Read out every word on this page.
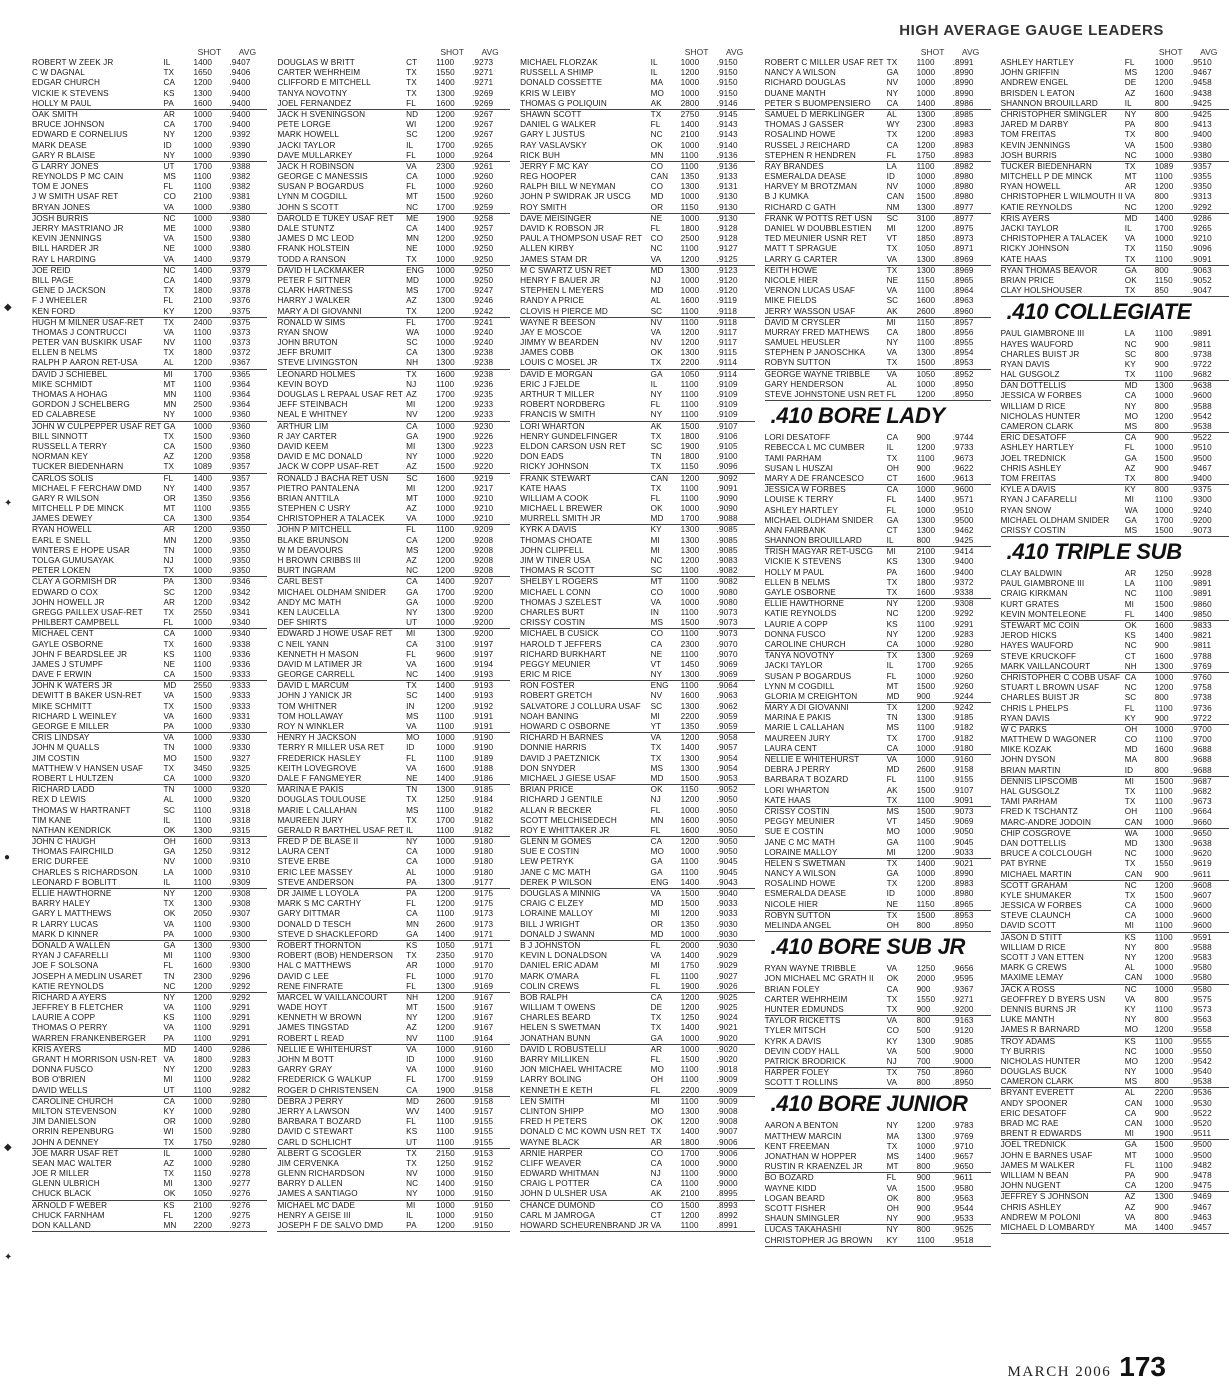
HIGH AVERAGE GAUGE LEADERS
SHOT	AVG
ROBERT W ZEEK JR	IL	1400	.9407
C W DAGNAL	TX	1650	.9406
EDGAR CHURCH	CA	1200	.9400
VICKIE K STEVENS	KS	1300	.9400
HOLLY M PAUL	PA	1600	.9400
OAK SMITH	AR	1000	.9400
BRUCE JOHNSON	CA	1700	.9400
EDWARD E CORNELIUS	NY	1200	.9392
MARK DEASE	ID	1000	.9390
GARY R BLAISE	NY	1000	.9390
G LARRY JONES	UT	1700	.9388
REYNOLDS P MC CAIN	MS	1100	.9382
TOM E JONES	FL	1100	.9382
J W SMITH USAF RET	CO	2100	.9381
BRYAN JONES	VA	1000	.9380
JOSH BURRIS	NC	1000	.9380
JERRY MASTRIANO JR	ME	1000	.9380
KEVIN JENNINGS	VA	1500	.9380
BILL HARDER JR	NE	1000	.9380
RAY L HARDING	VA	1400	.9379
JOE REID	NC	1400	.9379
BILL PAGE	CA	1400	.9379
GENE D JACKSON	TX	1800	.9378
F J WHEELER	FL	2100	.9376
KEN FORD	KY	1200	.9375
HUGH M MILNER USAF-RET	TX	2400	.9375
THOMAS J CONTRUCCI	VA	1100	.9373
PETER VAN BUSKIRK USAF	NV	1100	.9373
ELLEN B NELMS	TX	1800	.9372
RALPH P AARON RET-USA	AL	1200	.9367
DAVID J SCHIEBEL	MI	1700	.9365
MIKE SCHMIDT	MT	1100	.9364
THOMAS A HOHAG	MN	1100	.9364
GORDON J SCHELBERG	MN	2500	.9364
ED CALABRESE	NY	1000	.9360
JOHN W CULPEPPER USAF RET GA	1000	.9360
BILL SINNOTT	TX	1500	.9360
RUSSELL A TERRY	CA	1500	.9360
NORMAN KEY	AZ	1200	.9358
TUCKER BIEDENHARN	TX	1089	.9357
CARLOS SOLIS	FL	1400	.9357
MICHAEL F FERCHAW DMD	NY	1400	.9357
GARY R WILSON	OR	1350	.9356
MITCHELL P DE MINCK	MT	1100	.9355
JAMES DEWEY	CA	1300	.9354
RYAN HOWELL	AR	1200	.9350
EARL E SNELL	MN	1200	.9350
WINTERS E HOPE USAR	TN	1000	.9350
TOLGA GUMUSAYAK	NJ	1000	.9350
PETER LOKEN	TX	1000	.9350
CLAY A GORMISH DR	PA	1300	.9346
EDWARD O COX	SC	1200	.9342
JOHN HOWELL JR	AR	1200	.9342
GREGG PAILLEX USAF-RET	TX	2550	.9341
PHILBERT CAMPBELL	FL	1000	.9340
MICHAEL CENT	CA	1000	.9340
GAYLE OSBORNE	TX	1600	.9338
JOHN F BEARDSLEE JR	KS	1100	.9336
JAMES J STUMPF	NE	1100	.9336
DAVE F ERWIN	CA	1500	.9333
JOHN K WATERS JR	MD	2550	.9333
DEWITT B BAKER USN-RET	VA	1500	.9333
MIKE SCHMITT	TX	1500	.9333
RICHARD L WEINLEY	VA	1600	.9331
GEORGE E MILLER	PA	1000	.9330
CRIS LINDSAY	VA	1000	.9330
JOHN M QUALLS	TN	1000	.9330
JIM COSTIN	MO	1500	.9327
MATTHEW V HANSEN USAF	TX	3450	.9325
ROBERT L HULTZEN	CA	1000	.9320
RICHARD LADD	TN	1000	.9320
REX D LEWIS	AL	1000	.9320
THOMAS W HARTRANFT	SC	1100	.9318
TIM KANE	IL	1100	.9318
NATHAN KENDRICK	OK	1300	.9315
JOHN C HAUGH	OH	1600	.9313
THOMAS FAIRCHILD	GA	1250	.9312
ERIC DURFEE	NV	1000	.9310
CHARLES S RICHARDSON	LA	1000	.9310
LEONARD F BOBLITT	IL	1100	.9309
ELLIE HAWTHORNE	NY	1200	.9308
BARRY HALEY	TX	1300	.9308
GARY L MATTHEWS	OK	2050	.9307
R LARRY LUCAS	VA	1100	.9300
MARK D KINNER	PA	1000	.9300
DONALD A WALLEN	GA	1300	.9300
RYAN J CAFARELLI	MI	1100	.9300
JOE F SOLSONA	FL	1600	.9300
JOSEPH A MEDLIN USARET	TN	2300	.9296
KATIE REYNOLDS	NC	1200	.9292
RICHARD A AYERS	NY	1200	.9292
JEFFREY B FLETCHER	VA	1100	.9291
LAURIE A COPP	KS	1100	.9291
THOMAS O PERRY	VA	1100	.9291
WARREN FRANKENBERGER	PA	1100	.9291
KRIS AYERS	MD	1400	.9286
GRANT H MORRISON USN-RET VA	1800	.9283
DONNA FUSCO	NY	1200	.9283
BOB O'BRIEN	MI	1100	.9282
DAVID WELLS	UT	1100	.9282
CAROLINE CHURCH	CA	1000	.9280
MILTON STEVENSON	KY	1000	.9280
JIM DANIELSON	OR	1000	.9280
ORRIN REPENBURG	WI	1500	.9280
JOHN A DENNEY	TX	1750	.9280
JOE MARR USAF RET	IL	1000	.9280
SEAN MAC WALTER	AZ	1000	.9280
JOE R MILLER	TX	1150	.9278
GLENN ULBRICH	MI	1300	.9277
CHUCK BLACK	OK	1050	.9276
ARNOLD F WEBER	KS	2100	.9276
CHUCK FARNHAM	FL	1200	.9275
DON KALLAND	MN	2200	.9273
SHOT	AVG
DOUGLAS W BRITT	CT	1100	.9273
CARTER WEHRHEIM	TX	1550	.9271
CLIFFORD E MITCHELL	TX	1400	.9271
TANYA NOVOTNY	TX	1300	.9269
JOEL FERNANDEZ	FL	1600	.9269
JACK H SVENINGSON	ND	1200	.9267
PETE LORGE	WI	1200	.9267
MARK HOWELL	SC	1200	.9267
JACKI TAYLOR	IL	1700	.9265
DAVE MULLARKEY	FL	1000	.9264
JACK H ROBINSON	VA	2300	.9261
GEORGE C MANESSIS	CA	1000	.9260
SUSAN P BOGARDUS	FL	1000	.9260
LYNN M COGDILL	MT	1500	.9260
JOHN S SCOTT	NC	1700	.9259
DAROLD E TUKEY USAF RET	ME	1900	.9258
DALE STUNTZ	CA	1400	.9257
JAMES D MC LEOD	MN	1200	.9250
FRANK HOLSTEIN	NE	1000	.9250
TODD A RANSON	TX	1000	.9250
DAVID H LACKMAKER	ENG	1000	.9250
PETER F SITTNER	MD	1000	.9250
CLARK HARTNESS	MS	1700	.9247
HARRY J WALKER	AZ	1300	.9246
MARY A DI GIOVANNI	TX	1200	.9242
RONALD W SIMS	FL	1700	.9241
RYAN SNOW	WA	1000	.9240
JOHN BRUTON	SC	1000	.9240
JEFF BRUMIT	CA	1300	.9238
STEVE LIVINGSTON	NH	1300	.9238
LEONARD HOLMES	TX	1600	.9238
KEVIN BOYD	NJ	1100	.9236
DOUGLAS L REPAAL USAF RET AZ	1700	.9235
JEFF STEINBACH	MI	1200	.9233
NEAL E WHITNEY	NV	1200	.9233
ARTHUR LIM	CA	1000	.9230
R JAY CARTER	GA	1900	.9226
DAVID KEEM	MI	1300	.9223
DAVID E MC DONALD	NY	1000	.9220
JACK W COPP USAF-RET	AZ	1500	.9220
RONALD J BACHA RET USN	SC	1600	.9219
PIETRO PANTALENA	MI	1200	.9217
BRIAN ANTTILA	MT	1000	.9210
STEPHEN C USRY	AZ	1000	.9210
CHRISTOPHER A TALACEK	VA	1000	.9210
JOHN P MITCHELL	FL	1100	.9209
BLAKE BRUNSON	CA	1200	.9208
W M DEAVOURS	MS	1200	.9208
H BROWN CRIBBS III	AZ	1200	.9208
BURT INGRAM	NC	1200	.9208
CARL BEST	CA	1400	.9207
MICHAEL OLDHAM SNIDER	GA	1700	.9200
ANDY MC MATH	GA	1000	.9200
KEN LAUCELLA	NY	1300	.9200
DEF SHIRTS	UT	1000	.9200
EDWARD J HOWE USAF RET	MI	1300	.9200
C NEIL YANN	CA	3100	.9197
KENNETH H MASON	FL	9600	.9197
DAVID M LATIMER JR	VA	1600	.9194
GEORGE CARRELL	NC	1400	.9193
DAVID L MARCUM	TX	1400	.9193
JOHN J YANICK JR	SC	1400	.9193
TOM WHITNER	IN	1200	.9192
TOM HOLLAWAY	MS	1100	.9191
ROY N WINKLER	VA	1100	.9191
HENRY H JACKSON	MO	1000	.9190
TERRY R MILLER USA RET	ID	1000	.9190
FREDERICK HASLEY	FL	1100	.9189
KEITH LOVEGROVE	VA	1600	.9188
DALE F FANGMEYER	NE	1400	.9186
MARINA E PAKIS	TN	1300	.9185
DOUGLAS TOULOUSE	TX	1250	.9184
MARIE L CALLAHAN	MS	1100	.9182
MAUREEN JURY	TX	1700	.9182
GERALD R BARTHEL USAF RET IL	1100	.9182
FRED P DE BLASE II	NY	1000	.9180
LAURA CENT	CA	1000	.9180
STEVE ERBE	CA	1000	.9180
ERIC LEE MASSEY	AL	1000	.9180
STEVE ANDERSON	PA	1300	.9177
DR JAIME L LOYOLA	PA	1200	.9175
MARK S MC CARTHY	FL	1200	.9175
GARY DITTMAR	CA	1100	.9173
DONALD D TESCH	MN	2600	.9173
STEVE D SHACKLEFORD	GA	1400	.9171
ROBERT THORNTON	KS	1050	.9171
ROBERT (BOB) HENDERSON	TX	2350	.9170
HAL C MATTHEWS	AR	1000	.9170
DAVID C LEE	FL	1000	.9170
RENE FINFRATE	FL	1300	.9169
MARCEL W VAILLANCOURT	NH	1200	.9167
WADE HOYT	MT	1500	.9167
KENNETH W BROWN	NY	1200	.9167
JAMES TINGSTAD	AZ	1200	.9167
ROBERT L READ	NV	1100	.9164
NELLIE E WHITEHURST	VA	1000	.9160
JOHN M BOTT	ID	1000	.9160
GARRY GRAY	VA	1000	.9160
FREDERICK G WALKUP	FL	1700	.9159
ROGER D CHRISTENSEN	CA	1900	.9158
DEBRA J PERRY	MD	2600	.9158
JERRY A LAWSON	WV	1400	.9157
BARBARA T BOZARD	FL	1100	.9155
DAVID C STEWART	KS	1100	.9155
CARL D SCHLICHT	UT	1100	.9155
ALBERT G SCOGLER	TX	2150	.9153
JIM CERVENKA	TX	1250	.9152
GLENN RICHARDSON	NV	1000	.9150
BARRY D ALLEN	NC	1400	.9150
JAMES A SANTIAGO	NY	1000	.9150
MICHAEL MC DADE	MI	1000	.9150
HENRY A GEISE III	IL	1000	.9150
JOSEPH F DE SALVO DMD	PA	1200	.9150
SHOT	AVG
MICHAEL FLORZAK	IL	1000	.9150
RUSSELL A SHIMP	IL	1200	.9150
DONALD COSSETTE	MA	1000	.9150
KRIS W LEIBY	MO	1000	.9150
THOMAS G POLIQUIN	AK	2800	.9146
SHAWN SCOTT	TX	2750	.9145
DANIEL G WALKER	FL	1400	.9143
GARY L JUSTUS	NC	2100	.9143
RAY VASLAVSKY	OK	1000	.9140
RICK BUH	MN	1100	.9136
JERRY F MC KAY	CO	1100	.9136
REG HOOPER	CAN	1350	.9133
RALPH BILL W NEYMAN	CO	1300	.9131
JOHN P SWIDRAK JR USCG	MD	1000	.9130
ROY SMITH	OR	1150	.9130
DAVE MEISINGER	NE	1000	.9130
DAVID K ROBSON JR	FL	1800	.9128
PAUL A THOMPSON USAF RET	CO	2500	.9128
ALLEN KIRBY	NC	1100	.9127
JAMES STAM DR	VA	1200	.9125
M C SWARTZ USN RET	MD	1300	.9123
HENRY F BAUER JR	NJ	1000	.9120
STEPHEN L MEYERS	MD	1000	.9120
RANDY A PRICE	AL	1600	.9119
CLOVIS H PIERCE MD	SC	1100	.9118
WAYNE R BEESON	NV	1100	.9118
JAY E MOSCOE	VA	1200	.9117
JIMMY W BEARDEN	NV	1200	.9117
JAMES COBB	OK	1300	.9115
LOUIS C MOSEL JR	TX	2200	.9114
DAVID E MORGAN	GA	1050	.9114
ERIC J FJELDE	IL	1100	.9109
ARTHUR T MILLER	NY	1100	.9109
ROBERT NORDBERG	FL	1100	.9109
FRANCIS W SMITH	NY	1100	.9109
LORI WHARTON	AK	1500	.9107
HENRY GUNDELFINGER	TX	1800	.9106
ELDON CARSON USN RET	SC	1900	.9105
DON EADS	TN	1800	.9100
RICKY JOHNSON	TX	1150	.9096
FRANK STEWART	CAN	1200	.9092
KATE HAAS	TX	1100	.9091
WILLIAM A COOK	FL	1100	.9090
MICHAEL L BREWER	OK	1000	.9090
MURRELL SMITH JR	MD	1700	.9088
KYRK A DAVIS	KY	1300	.9085
THOMAS CHOATE	MI	1300	.9085
JOHN CLIPFELL	MI	1300	.9085
JIM W TINER USA	NC	1200	.9083
THOMAS R SCOTT	SC	1100	.9082
SHELBY L ROGERS	MT	1100	.9082
MICHAEL L CONN	CO	1000	.9080
THOMAS J SZELEST	VA	1000	.9080
CHARLES BURT	IN	1100	.9073
CRISSY COSTIN	MS	1500	.9073
MICHAEL B CUSICK	CO	1100	.9073
HAROLD T JEFFERS	CA	2300	.9070
RICHARD BURKHART	NE	1100	.9070
PEGGY MEUNIER	VT	1450	.9069
ERIC M RICE	NY	1300	.9069
RON FOSTER	ENG	1100	.9064
ROBERT GRETCH	NV	1600	.9063
SALVATORE J COLLURA USAF	SC	1300	.9062
NOAH BANING	MI	2200	.9059
HOWARD C OSBORNE	YT	1350	.9059
RICHARD H BARNES	VA	1200	.9058
DONNIE HARRIS	TX	1400	.9057
DAVID J PAETZNICK	TX	1300	.9054
DON SNYDER	MS	1300	.9054
MICHAEL J GIESE USAF	MD	1500	.9053
BRIAN PRICE	OK	1150	.9052
RICHARD J GENTILE	NJ	1200	.9050
ALLAN R BECKER	FL	1000	.9050
SCOTT MELCHISEDECH	MN	1600	.9050
ROY E WHITTAKER JR	FL	1600	.9050
GLENN M GOMES	CA	1200	.9050
SUE E COSTIN	MO	1000	.9050
LEW PETRYK	GA	1100	.9045
JANE C MC MATH	GA	1100	.9045
DEREK P WILSON	ENG	1400	.9043
DOUGLAS A MINNIG	VA	1500	.9040
CRAIG C ELZEY	MD	1500	.9033
LORAINE MALLOY	MI	1200	.9033
BILL J WRIGHT	OR	1350	.9030
DONALD J SWANN	MD	1000	.9030
B J JOHNSTON	FL	2000	.9030
KEVIN L DONALDSON	VA	1400	.9029
DANIEL ERIC ADAM	MI	1750	.9029
MARK O'MARA	FL	1100	.9027
COLIN CREWS	FL	1900	.9026
BOB RALPH	CA	1200	.9025
WILLIAM T OWENS	DE	1200	.9025
CHARLES BEARD	TX	1250	.9024
HELEN S SWETMAN	TX	1400	.9021
JONATHAN BUNN	GA	1000	.9020
DAVID L ROBUSTELLI	AR	1000	.9020
BARRY MILLIKEN	FL	1500	.9020
JON MICHAEL WHITACRE	MO	1100	.9018
LARRY BOLING	OH	1100	.9009
KENNETH E KETH	FL	2200	.9009
LEN SMITH	MI	1100	.9009
CLINTON SHIPP	MO	1300	.9008
FRED H PETERS	OK	1200	.9008
DONALD C MC KOWN USN RET TX	1400	.9007
WAYNE BLACK	AR	1800	.9006
ARNIE HARPER	CO	1700	.9006
CLIFF WEAVER	CA	1000	.9000
EDWARD WHITMAN	NJ	1100	.9000
CRAIG L POTTER	CA	1100	.9000
JOHN D ULSHER USA	AK	2100	.8995
CHANCE DUMOND	CO	1500	.8993
CARL M JAMROGA	CT	1200	.8992
HOWARD SCHEURENBRAND JR VA	1100	.8991
SHOT	AVG
ROBERT C MILLER USAF RET TX	1100	.8991
NANCY A WILSON	GA	1000	.8990
RICHARD DOUGLAS	NV	1000	.8990
DUANE MANTH	NY	1000	.8990
PETER S BUOMPENSIERO	CA	1400	.8986
SAMUEL D MERKLINGER	AL	1300	.8985
THOMAS J GASSER	WY	2300	.8983
ROSALIND HOWE	TX	1200	.8983
RUSSEL J REICHARD	CA	1200	.8983
STEPHEN R HENDREN	FL	1750	.8983
RAY BRANDES	LA	1100	.8982
ESMERALDA DEASE	ID	1000	.8980
HARVEY M BROTZMAN	NV	1000	.8980
B J KUMKA	CAN	1500	.8980
RICHARD C GATH	NM	1300	.8977
FRANK W POTTS RET USN	SC	3100	.8977
DANIEL W DOUBBLESTIEN	MI	1200	.8975
TED MEUNIER USNR RET	VT	1850	.8973
MATT T SPRAGUE	TX	1050	.8971
LARRY G CARTER	VA	1300	.8969
KEITH HOWE	TX	1300	.8969
NICOLE HIER	NE	1150	.8965
VERNON LUCAS USAF	VA	1100	.8964
MIKE FIELDS	SC	1600	.8963
JERRY WASSON USAF	AK	2600	.8960
DAVID M CRYSLER	MI	1150	.8957
MURRAY FRED MATHEWS	CA	1800	.8956
SAMUEL HEUSLER	NY	1100	.8955
STEPHEN P JANOSCHKA	VA	1300	.8954
ROBYN SUTTON	TX	1500	.8953
GEORGE WAYNE TRIBBLE	VA	1050	.8952
GARY HENDERSON	AL	1000	.8950
STEVE JOHNSTONE USN RET FL	1200	.8950
.410 BORE LADY
LORI DESATOFF	CA	900	.9744
REBECCA L MC CUMBER	IL	1200	.9733
TAMI PARHAM	TX	1100	.9673
SUSAN L HUSZAI	OH	900	.9622
MARY A DE FRANCESCO	CT	1600	.9613
JESSICA W FORBES	CA	1000	.9600
LOUISE K TERRY	FL	1400	.9571
ASHLEY HARTLEY	FL	1000	.9510
MICHAEL OLDHAM SNIDER	GA	1300	.9500
ANN FAIRBANK	CT	1300	.9462
SHANNON BROUILLARD	IL	800	.9425
TRISH MAGYAR RET-USCG	MI	2100	.9414
VICKIE K STEVENS	KS	1300	.9400
HOLLY M PAUL	PA	1600	.9400
ELLEN B NELMS	TX	1800	.9372
GAYLE OSBORNE	TX	1600	.9338
ELLIE HAWTHORNE	NY	1200	.9308
KATIE REYNOLDS	NC	1200	.9292
LAURIE A COPP	KS	1100	.9291
DONNA FUSCO	NY	1200	.9283
CAROLINE CHURCH	CA	1000	.9280
TANYA NOVOTNY	TX	1300	.9269
JACKI TAYLOR	IL	1700	.9265
SUSAN P BOGARDUS	FL	1000	.9260
LYNN M COGDILL	MT	1500	.9260
GLORIA M CREIGHTON	MD	900	.9244
MARY A DI GIOVANNI	TX	1200	.9242
MARINA E PAKIS	TN	1300	.9185
MARIE L CALLAHAN	MS	1100	.9182
MAUREEN JURY	TX	1700	.9182
LAURA CENT	CA	1000	.9180
NELLIE E WHITEHURST	VA	1000	.9160
DEBRA J PERRY	MD	2600	.9158
BARBARA T BOZARD	FL	1100	.9155
LORI WHARTON	AK	1500	.9107
KATE HAAS	TX	1100	.9091
CRISSY COSTIN	MS	1500	.9073
PEGGY MEUNIER	VT	1450	.9069
SUE E COSTIN	MO	1000	.9050
JANE C MC MATH	GA	1100	.9045
LORAINE MALLOY	MI	1200	.9033
HELEN S SWETMAN	TX	1400	.9021
NANCY A WILSON	GA	1000	.8990
ROSALIND HOWE	TX	1200	.8983
ESMERALDA DEASE	ID	1000	.8980
NICOLE HIER	NE	1150	.8965
ROBYN SUTTON	TX	1500	.8953
MELINDA ANGEL	OH	800	.8950
.410 BORE SUB JR
RYAN WAYNE TRIBBLE	VA	1250	.9656
JON MICHAEL MC GRATH II	OK	2000	.9595
BRIAN FOLEY	CA	900	.9367
CARTER WEHRHEIM	TX	1550	.9271
HUNTER EDMUNDS	TX	900	.9200
TAYLOR RICKETTS	VA	800	.9163
TYLER MITSCH	CO	500	.9120
KYRK A DAVIS	KY	1300	.9085
DEVIN CODY HALL	VA	500	.9000
PATRICK BRODRICK	NJ	700	.9000
HARPER FOLEY	TX	750	.8960
SCOTT T ROLLINS	VA	800	.8950
.410 BORE JUNIOR
AARON A BENTON	NY	1200	.9783
MATTHEW MARCIN	MA	1300	.9769
KENT FREEMAN	TX	1000	.9710
JONATHAN W HOPPER	MS	1400	.9657
RUSTIN R KRAENZEL JR	MT	800	.9650
BO BOZARD	FL	900	.9611
WAYNE KIDD	VA	1500	.9580
LOGAN BEARD	OK	800	.9563
SCOTT FISHER	OH	900	.9544
SHAUN SMINGLER	NY	900	.9533
LUCAS TAKAHASHI	NY	800	.9525
CHRISTOPHER JG BROWN	KY	1100	.9518
SHOT	AVG
ASHLEY HARTLEY	FL	1000	.9510
JOHN GRIFFIN	MS	1200	.9467
ANDREW ENGEL	DE	1200	.9458
BRISDEN L EATON	AZ	1600	.9438
SHANNON BROUILLARD	IL	800	.9425
CHRISTOPHER SMINGLER	NY	800	.9425
JARED M DARBY	PA	800	.9413
TOM FREITAS	TX	800	.9400
KEVIN JENNINGS	VA	1500	.9380
JOSH BURRIS	NC	1000	.9380
TUCKER BIEDENHARN	TX	1089	.9357
MITCHELL P DE MINCK	MT	1100	.9355
RYAN HOWELL	AR	1200	.9350
CHRISTOPHER L WILMOUTH II VA	800	.9313
KATIE REYNOLDS	NC	1200	.9292
KRIS AYERS	MD	1400	.9286
JACKI TAYLOR	IL	1700	.9265
CHRISTOPHER A TALACEK	VA	1000	.9210
RICKY JOHNSON	TX	1150	.9096
KATE HAAS	TX	1100	.9091
RYAN THOMAS BEAVOR	GA	800	.9063
BRIAN PRICE	OK	1150	.9052
CLAY HOLSHOUSER	TX	850	.9047
.410 COLLEGIATE
PAUL GIAMBRONE III	LA	1100	.9891
HAYES WAUFORD	NC	900	.9811
CHARLES BUIST JR	SC	800	.9738
RYAN DAVIS	KY	900	.9722
HAL GUSGOLZ	TX	1100	.9682
DAN DOTTELLIS	MD	1300	.9638
JESSICA W FORBES	CA	1000	.9600
WILLIAM D RICE	NY	800	.9588
NICHOLAS HUNTER	MO	1200	.9542
CAMERON CLARK	MS	800	.9538
ERIC DESATOFF	CA	900	.9522
ASHLEY HARTLEY	FL	1000	.9510
JOEL TREDNICK	GA	1500	.9500
CHRIS ASHLEY	AZ	900	.9467
TOM FREITAS	TX	800	.9400
KYLE A DAVIS	KY	800	.9375
RYAN J CAFARELLI	MI	1100	.9300
RYAN SNOW	WA	1000	.9240
MICHAEL OLDHAM SNIDER	GA	1700	.9200
CRISSY COSTIN	MS	1500	.9073
.410 TRIPLE SUB
CLAY BALDWIN	AR	1250	.9928
PAUL GIAMBRONE III	LA	1100	.9891
CRAIG KIRKMAN	NC	1100	.9891
KURT GRATES	MI	1500	.9860
KEVIN MONTELEONE	FL	1400	.9850
STEWART MC COIN	OK	1600	.9833
JEROD HICKS	KS	1400	.9821
HAYES WAUFORD	NC	900	.9811
STEVE KRUCKOFF	CT	1600	.9788
MARK VAILLANCOURT	NH	1300	.9769
CHRISTOPHER C COBB USAF CA	1000	.9760
STUART L BROWN USAF	NC	1200	.9758
CHARLES BUIST JR	SC	800	.9738
CHRIS L PHELPS	FL	1100	.9736
RYAN DAVIS	KY	900	.9722
W C PARKS	OH	1000	.9700
MATTHEW D WAGONER	CO	1100	.9700
MIKE KOZAK	MD	1600	.9688
JOHN DYSON	MA	800	.9688
BRIAN MARTIN	ID	800	.9688
DENNIS LIPSCOMB	MI	1500	.9687
HAL GUSGOLZ	TX	1100	.9682
TAMI PARHAM	TX	1100	.9673
FRED K TSCHANTZ	OH	1100	.9664
MARC-ANDRE JODOIN	CAN	1000	.9660
CHIP COSGROVE	WA	1000	.9650
DAN DOTTELLIS	MD	1300	.9638
BRUCE A COLCLOUGH	NC	1000	.9620
PAT BYRNE	TX	1550	.9619
MICHAEL MARTIN	CAN	900	.9611
SCOTT GRAHAM	NC	1200	.9608
KYLE SHUMAKER	TX	1500	.9607
JESSICA W FORBES	CA	1000	.9600
STEVE CLAUNCH	CA	1000	.9600
DAVID SCOTT	MI	1100	.9600
JASON D STITT	KS	1100	.9591
WILLIAM D RICE	NY	800	.9588
SCOTT J VAN ETTEN	NY	1200	.9583
MARK G CREWS	AL	1000	.9580
MAXIME LEMAY	CAN	1000	.9580
JACK A ROSS	NC	1000	.9580
GEOFFREY D BYERS USN	VA	800	.9575
DENNIS BURNS JR	KY	1100	.9573
LUKE MANTH	NY	800	.9563
JAMES R BARNARD	MO	1200	.9558
TROY ADAMS	KS	1100	.9555
TY BURRIS	NC	1000	.9550
NICHOLAS HUNTER	MO	1200	.9542
DOUGLAS BUCK	NY	1000	.9540
CAMERON CLARK	MS	800	.9538
BRYANT EVERETT	AL	2200	.9536
ANDY SPOONER	CAN	1000	.9530
ERIC DESATOFF	CA	900	.9522
BRAD MC RAE	CAN	1000	.9520
BRENT R EDWARDS	MI	1900	.9511
JOEL TREDNICK	GA	1500	.9500
JOHN E BARNES USAF	MT	1000	.9500
JAMES M WALKER	FL	1100	.9482
WILLIAM N BEAN	PA	900	.9478
JOHN NUGENT	CA	1200	.9475
JEFFREY S JOHNSON	AZ	1300	.9469
CHRIS ASHLEY	AZ	900	.9467
ANDREW M POLONI	VA	800	.9463
MICHAEL D LOMBARDY	MA	1400	.9457
◆
✦
●
◆
✦
MARCH 2006 173
